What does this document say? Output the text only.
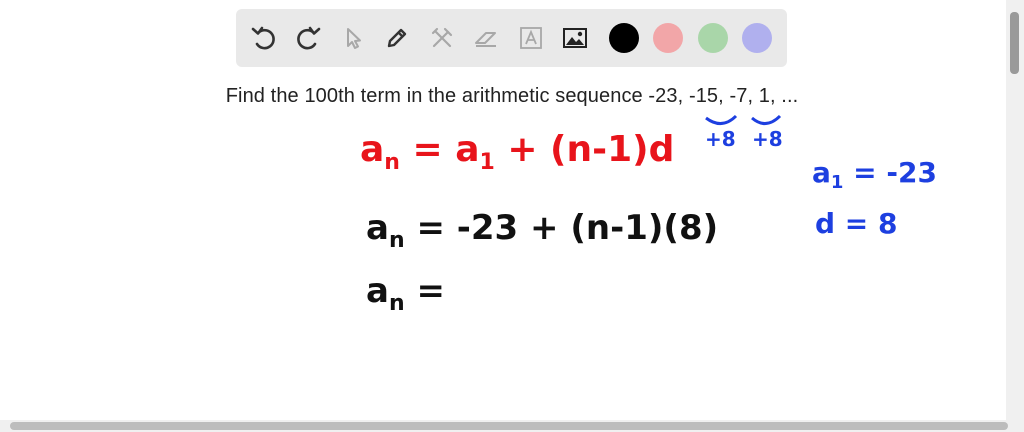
Find the 100th term in the arithmetic sequence -23, -15, -7, 1, ...
$a_n = a_1 + (n-1)d$
$a_n = -23 + (n-1)(8)$
$a_n$ =
$a_1 = -23$
d = 8
+8 +8
